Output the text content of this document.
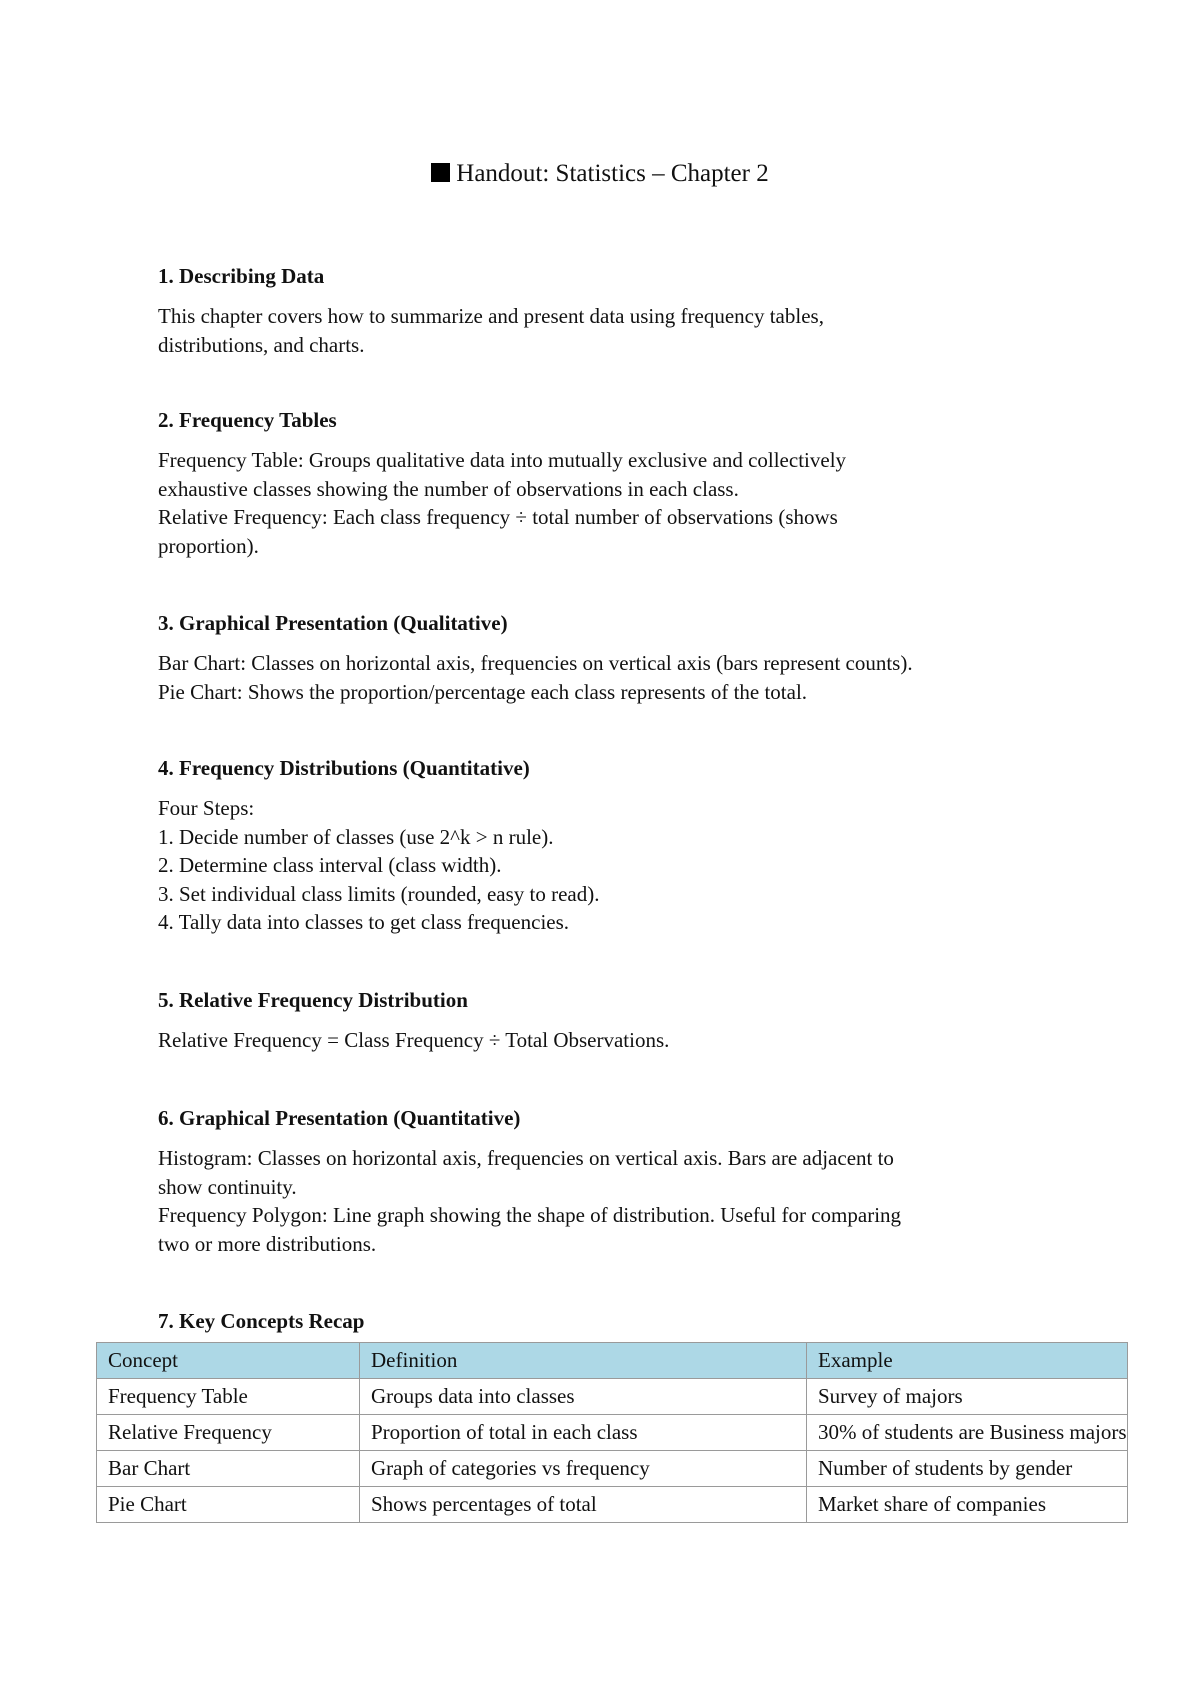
Handout: Statistics – Chapter 2
1. Describing Data

This chapter covers how to summarize and present data using frequency tables,

distributions, and charts.

2. Frequency Tables

Frequency Table: Groups qualitative data into mutually exclusive and collectively

exhaustive classes showing the number of observations in each class.

Relative Frequency: Each class frequency ÷ total number of observations (shows

proportion).

3. Graphical Presentation (Qualitative)

Bar Chart: Classes on horizontal axis, frequencies on vertical axis (bars represent counts).

Pie Chart: Shows the proportion/percentage each class represents of the total.

4. Frequency Distributions (Quantitative)

Four Steps:

1. Decide number of classes (use 2^k > n rule).

2. Determine class interval (class width).

3. Set individual class limits (rounded, easy to read).

4. Tally data into classes to get class frequencies.

5. Relative Frequency Distribution

Relative Frequency = Class Frequency ÷ Total Observations.

6. Graphical Presentation (Quantitative)

Histogram: Classes on horizontal axis, frequencies on vertical axis. Bars are adjacent to

show continuity.

Frequency Polygon: Line graph showing the shape of distribution. Useful for comparing

two or more distributions.

7. Key Concepts Recap
Concept	Definition	Example
Frequency Table	Groups data into classes	Survey of majors
Relative Frequency	Proportion of total in each class	30% of students are Business majors
Bar Chart	Graph of categories vs frequency	Number of students by gender
Pie Chart	Shows percentages of total	Market share of companies
